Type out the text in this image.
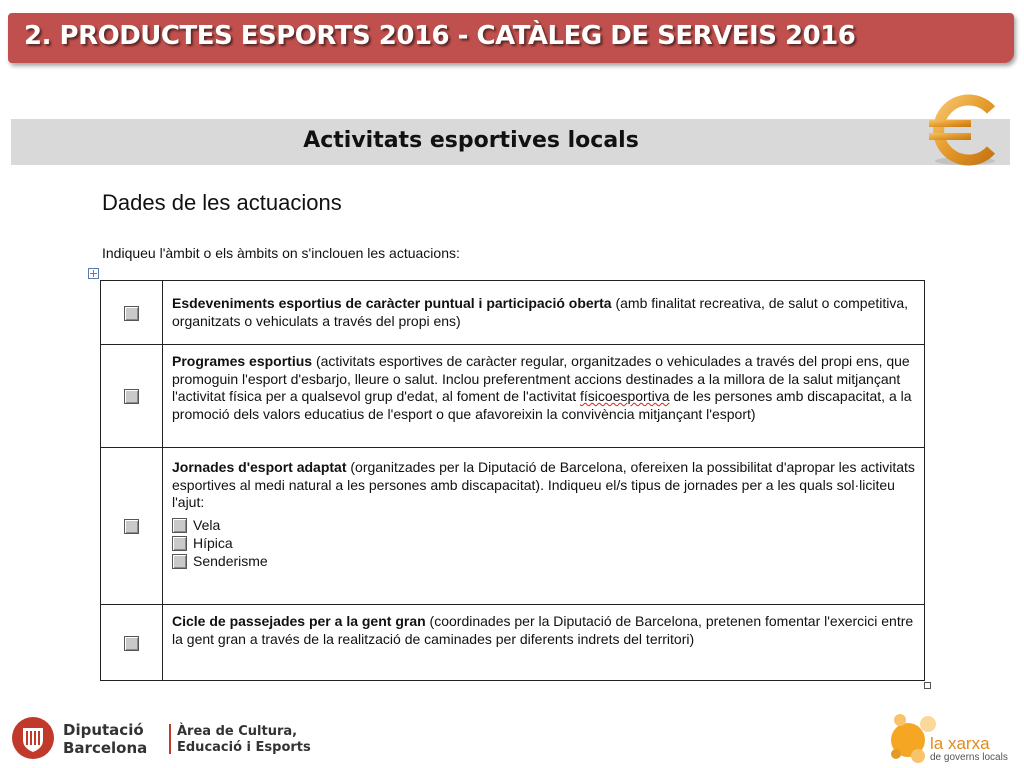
2. PRODUCTES ESPORTS 2016 - CATÀLEG DE SERVEIS 2016
Activitats esportives locals
Dades de les actuacions
Indiqueu l'àmbit o els àmbits on s'inclouen les actuacions:
	Esdeveniments esportius de caràcter puntual i participació oberta (amb finalitat recreativa, de salut o competitiva, organitzats o vehiculats a través del propi ens)
	Programes esportius (activitats esportives de caràcter regular, organitzades o vehiculades a través del propi ens, que promoguin l'esport d'esbarjo, lleure o salut. Inclou preferentment accions destinades a la millora de la salut mitjançant l'activitat física per a qualsevol grup d'edat, al foment de l'activitat físicoesportiva de les persones amb discapacitat, a la promoció dels valors educatius de l'esport o que afavoreixin la convivència mitjançant l'esport)
	Jornades d'esport adaptat (organitzades per la Diputació de Barcelona, ofereixen la possibilitat d'apropar les activitats esportives al medi natural a les persones amb discapacitat). Indiqueu el/s tipus de jornades per a les quals sol·liciteu l'ajut:
Vela
Hípica
Senderisme

	Cicle de passejades per a la gent gran (coordinades per la Diputació de Barcelona, pretenen fomentar l'exercici entre la gent gran a través de la realització de caminades per diferents indrets del territori)
Diputació
Barcelona
Àrea de Cultura,
Educació i Esports	la xarxa
de governs locals
